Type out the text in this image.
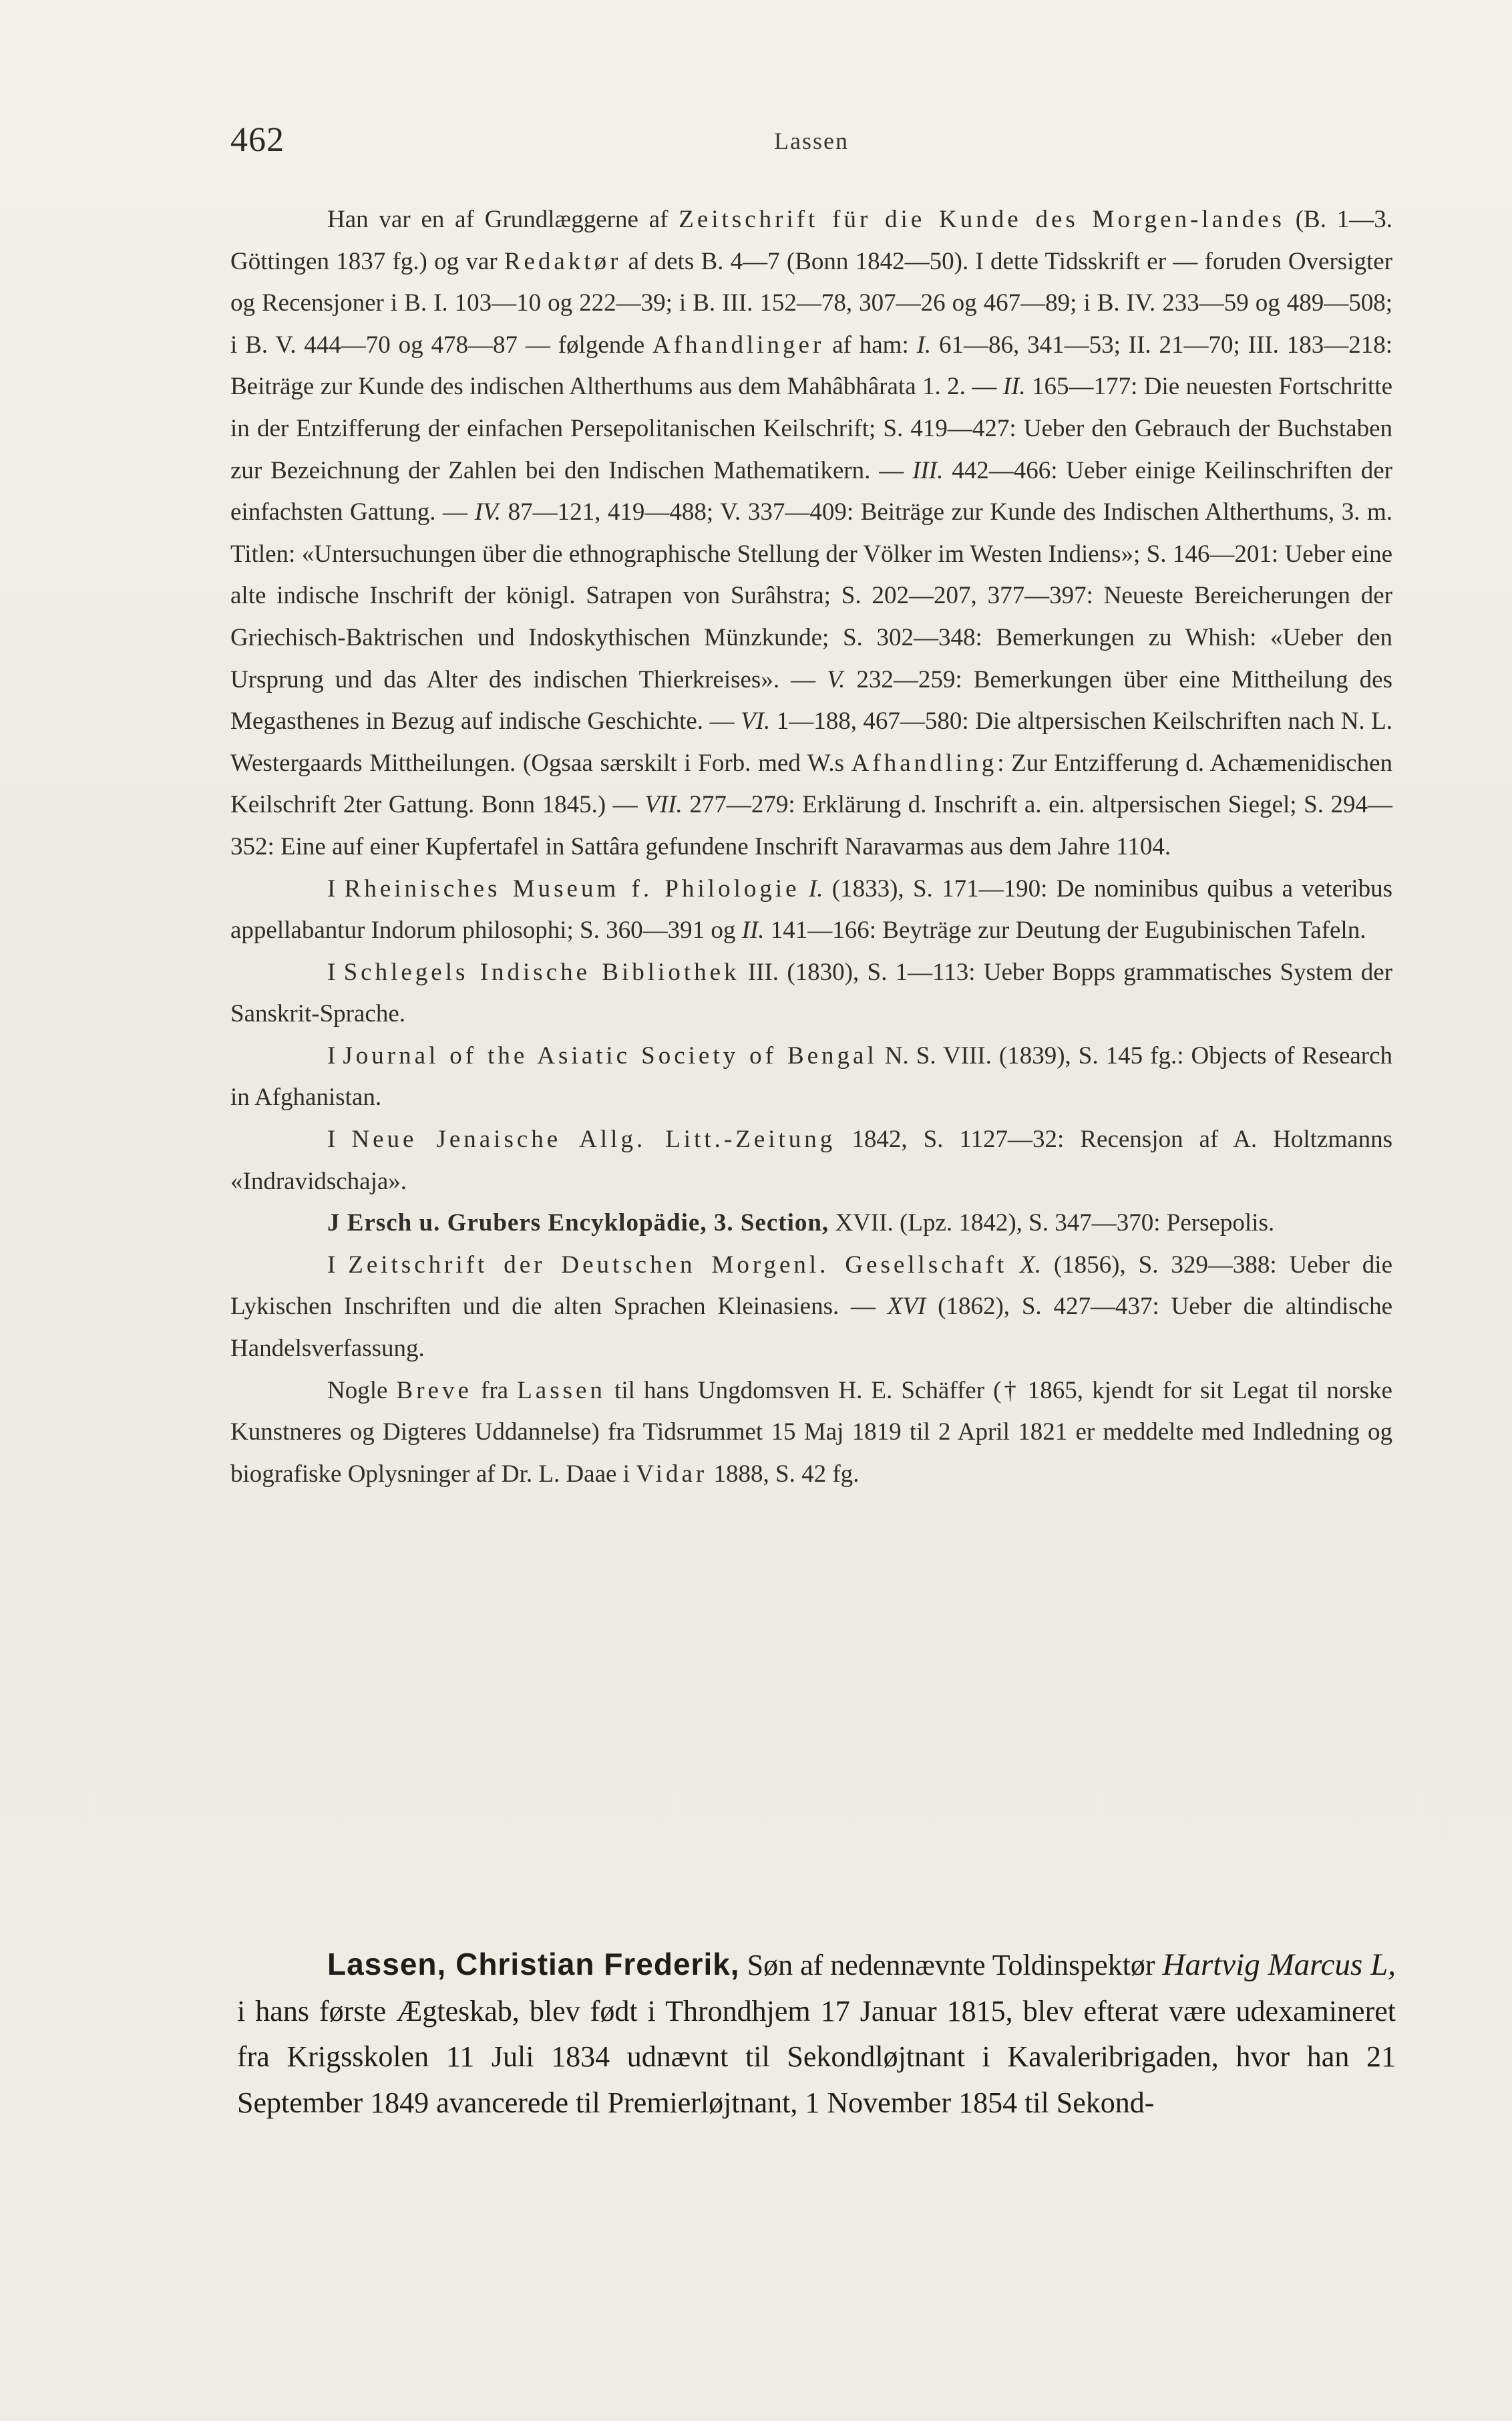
462	Lassen

Han var en af Grundlæggerne af Zeitschrift für die Kunde des Morgen-landes (B. 1—3. Göttingen 1837 fg.) og var Redaktør af dets B. 4—7 (Bonn 1842—50). I dette Tidsskrift er — foruden Oversigter og Recensjoner i B. I. 103—10 og 222—39; i B. III. 152—78, 307—26 og 467—89; i B. IV. 233—59 og 489—508; i B. V. 444—70 og 478—87 — følgende Afhandlinger af ham: I. 61—86, 341—53; II. 21—70; III. 183—218: Beiträge zur Kunde des indischen Altherthums aus dem Mahâbhârata 1. 2. — II. 165—177: Die neuesten Fortschritte in der Entzifferung der einfachen Persepolitanischen Keilschrift; S. 419—427: Ueber den Gebrauch der Buchstaben zur Bezeichnung der Zahlen bei den Indischen Mathematikern. — III. 442—466: Ueber einige Keilinschriften der einfachsten Gattung. — IV. 87—121, 419—488; V. 337—409: Beiträge zur Kunde des Indischen Altherthums, 3. m. Titlen: «Untersuchungen über die ethnographische Stellung der Völker im Westen Indiens»; S. 146—201: Ueber eine alte indische Inschrift der königl. Satrapen von Surâhstra; S. 202—207, 377—397: Neueste Bereicherungen der Griechisch-Baktrischen und Indoskythischen Münzkunde; S. 302—348: Bemerkungen zu Whish: «Ueber den Ursprung und das Alter des indischen Thierkreises». — V. 232—259: Bemerkungen über eine Mittheilung des Megasthenes in Bezug auf indische Geschichte. — VI. 1—188, 467—580: Die altpersischen Keilschriften nach N. L. Westergaards Mittheilungen. (Ogsaa særskilt i Forb. med W.s Afhandling: Zur Entzifferung d. Achæmenidischen Keilschrift 2ter Gattung. Bonn 1845.) — VII. 277—279: Erklärung d. Inschrift a. ein. altpersischen Siegel; S. 294—352: Eine auf einer Kupfertafel in Sattâra gefundene Inschrift Naravarmas aus dem Jahre 1104.

I Rheinisches Museum f. Philologie I. (1833), S. 171—190: De nominibus quibus a veteribus appellabantur Indorum philosophi; S. 360—391 og II. 141—166: Beyträge zur Deutung der Eugubinischen Tafeln.

I Schlegels Indische Bibliothek III. (1830), S. 1—113: Ueber Bopps grammatisches System der Sanskrit-Sprache.

I Journal of the Asiatic Society of Bengal N. S. VIII. (1839), S. 145 fg.: Objects of Research in Afghanistan.

I Neue Jenaische Allg. Litt.-Zeitung 1842, S. 1127—32: Recensjon af A. Holtzmanns «Indravidschaja».

J Ersch u. Grubers Encyklopädie, 3. Section, XVII. (Lpz. 1842), S. 347—370: Persepolis.

I Zeitschrift der Deutschen Morgenl. Gesellschaft X. (1856), S. 329—388: Ueber die Lykischen Inschriften und die alten Sprachen Kleinasiens. — XVI (1862), S. 427—437: Ueber die altindische Handelsverfassung.

Nogle Breve fra Lassen til hans Ungdomsven H. E. Schäffer († 1865, kjendt for sit Legat til norske Kunstneres og Digteres Uddannelse) fra Tidsrummet 15 Maj 1819 til 2 April 1821 er meddelte med Indledning og biografiske Oplysninger af Dr. L. Daae i Vidar 1888, S. 42 fg.

Lassen, Christian Frederik, Søn af nedennævnte Toldinspektør Hartvig Marcus L, i hans første Ægteskab, blev født i Throndhjem 17 Januar 1815, blev efterat være udexamineret fra Krigsskolen 11 Juli 1834 udnævnt til Sekondløjtnant i Kavaleribrigaden, hvor han 21 September 1849 avancerede til Premierløjtnant, 1 November 1854 til Sekond-
